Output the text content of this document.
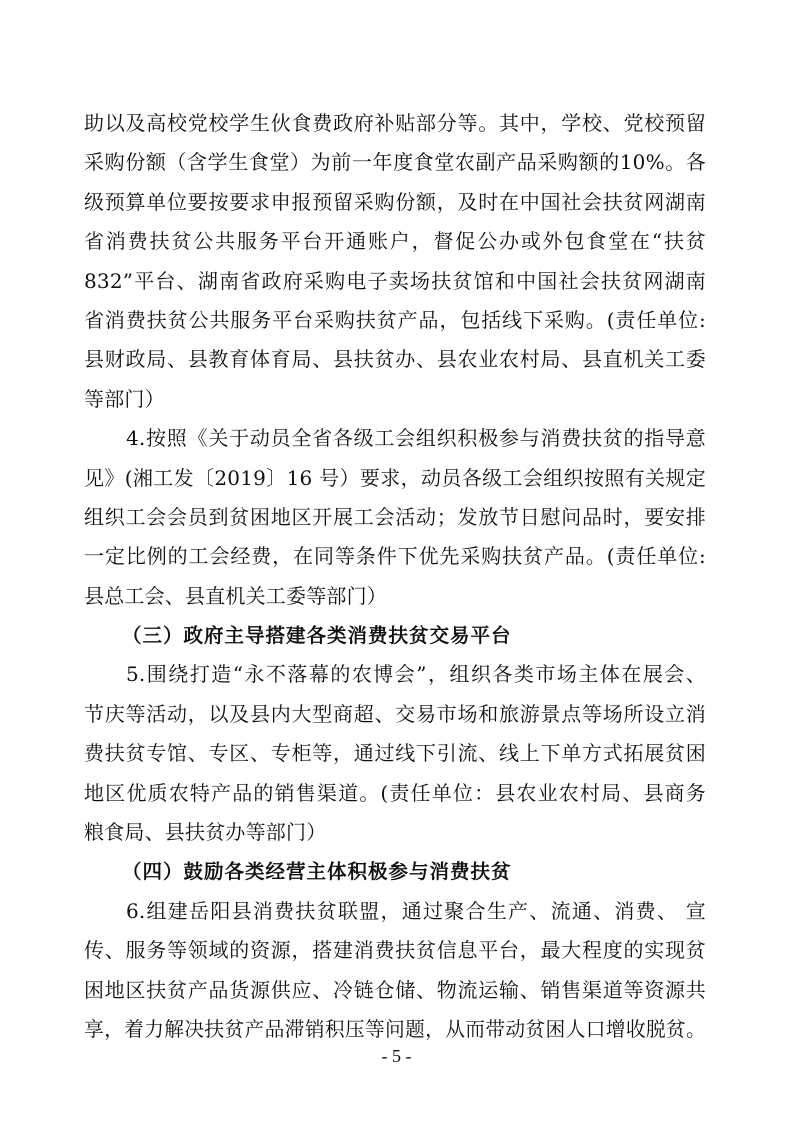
助以及高校党校学生伙食费政府补贴部分等。其中，学校、党校预留
采购份额（含学生食堂）为前一年度食堂农副产品采购额的10%。各
级预算单位要按要求申报预留采购份额，及时在中国社会扶贫网湖南
省消费扶贫公共服务平台开通账户，督促公办或外包食堂在“扶贫
832”平台、湖南省政府采购电子卖场扶贫馆和中国社会扶贫网湖南
省消费扶贫公共服务平台采购扶贫产品，包括线下采购。(责任单位:
县财政局、县教育体育局、县扶贫办、县农业农村局、县直机关工委
等部门）
4.按照《关于动员全省各级工会组织积极参与消费扶贫的指导意
见》(湘工发〔2019〕16 号）要求，动员各级工会组织按照有关规定
组织工会会员到贫困地区开展工会活动；发放节日慰问品时，要安排
一定比例的工会经费，在同等条件下优先采购扶贫产品。(责任单位:
县总工会、县直机关工委等部门）
（三）政府主导搭建各类消费扶贫交易平台
5.围绕打造“永不落幕的农博会”，组织各类市场主体在展会、
节庆等活动，以及县内大型商超、交易市场和旅游景点等场所设立消
费扶贫专馆、专区、专柜等，通过线下引流、线上下单方式拓展贫困
地区优质农特产品的销售渠道。(责任单位：县农业农村局、县商务
粮食局、县扶贫办等部门）
（四）鼓励各类经营主体积极参与消费扶贫
6.组建岳阳县消费扶贫联盟，通过聚合生产、流通、消费、 宣
传、服务等领域的资源，搭建消费扶贫信息平台，最大程度的实现贫
困地区扶贫产品货源供应、冷链仓储、物流运输、销售渠道等资源共
享，着力解决扶贫产品滞销积压等问题，从而带动贫困人口增收脱贫。
- 5 -
